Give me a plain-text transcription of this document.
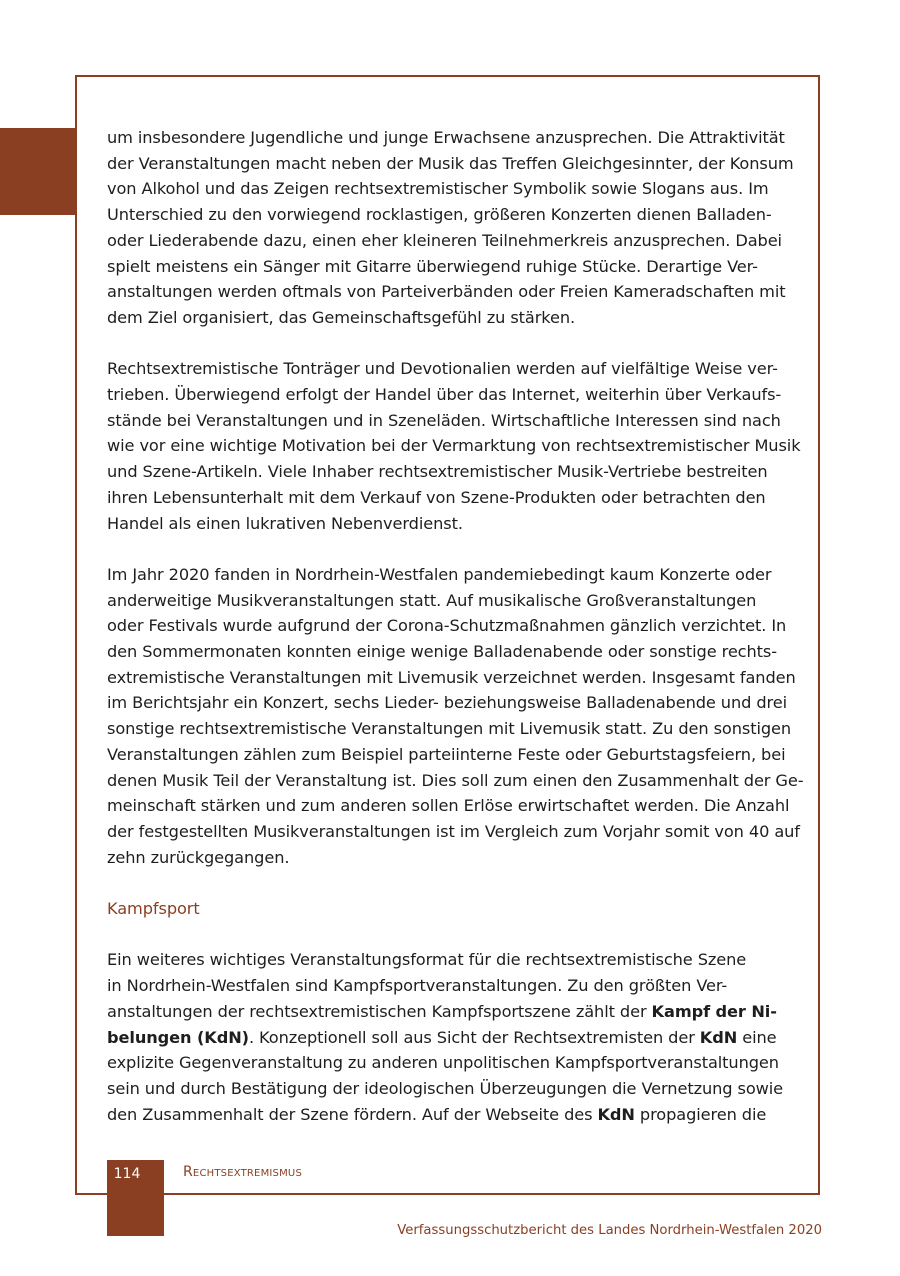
um insbesondere Jugendliche und junge Erwachsene anzusprechen. Die Attraktivität
der Veranstaltungen macht neben der Musik das Treffen Gleichgesinnter, der Konsum
von Alkohol und das Zeigen rechtsextremistischer Symbolik sowie Slogans aus. Im
Unterschied zu den vorwiegend rocklastigen, größeren Konzerten dienen Balladen-
oder Liederabende dazu, einen eher kleineren Teilnehmerkreis anzusprechen. Dabei
spielt meistens ein Sänger mit Gitarre überwiegend ruhige Stücke. Derartige Ver-
anstaltungen werden oftmals von Parteiverbänden oder Freien Kameradschaften mit
dem Ziel organisiert, das Gemeinschaftsgefühl zu stärken.

Rechtsextremistische Tonträger und Devotionalien werden auf vielfältige Weise ver-
trieben. Überwiegend erfolgt der Handel über das Internet, weiterhin über Verkaufs-
stände bei Veranstaltungen und in Szeneläden. Wirtschaftliche Interessen sind nach
wie vor eine wichtige Motivation bei der Vermarktung von rechtsextremistischer Musik
und Szene-Artikeln. Viele Inhaber rechtsextremistischer Musik-Vertriebe bestreiten
ihren Lebensunterhalt mit dem Verkauf von Szene-Produkten oder betrachten den
Handel als einen lukrativen Nebenverdienst.

Im Jahr 2020 fanden in Nordrhein-Westfalen pandemiebedingt kaum Konzerte oder
anderweitige Musikveranstaltungen statt. Auf musikalische Großveranstaltungen
oder Festivals wurde aufgrund der Corona-Schutzmaßnahmen gänzlich verzichtet. In
den Sommermonaten konnten einige wenige Balladenabende oder sonstige rechts-
extremistische Veranstaltungen mit Livemusik verzeichnet werden. Insgesamt fanden
im Berichtsjahr ein Konzert, sechs Lieder- beziehungsweise Balladenabende und drei
sonstige rechtsextremistische Veranstaltungen mit Livemusik statt. Zu den sonstigen
Veranstaltungen zählen zum Beispiel parteiinterne Feste oder Geburtstagsfeiern, bei
denen Musik Teil der Veranstaltung ist. Dies soll zum einen den Zusammenhalt der Ge-
meinschaft stärken und zum anderen sollen Erlöse erwirtschaftet werden. Die Anzahl
der festgestellten Musikveranstaltungen ist im Vergleich zum Vorjahr somit von 40 auf
zehn zurückgegangen.

Kampfsport

Ein weiteres wichtiges Veranstaltungsformat für die rechtsextremistische Szene
in Nordrhein-Westfalen sind Kampfsportveranstaltungen. Zu den größten Ver-
anstaltungen der rechtsextremistischen Kampfsportszene zählt der Kampf der Ni-
belungen (KdN). Konzeptionell soll aus Sicht der Rechtsextremisten der KdN eine
explizite Gegenveranstaltung zu anderen unpolitischen Kampfsportveranstaltungen
sein und durch Bestätigung der ideologischen Überzeugungen die Vernetzung sowie
den Zusammenhalt der Szene fördern. Auf der Webseite des KdN propagieren die

114	Rechtsextremismus
Verfassungsschutzbericht des Landes Nordrhein-Westfalen 2020
